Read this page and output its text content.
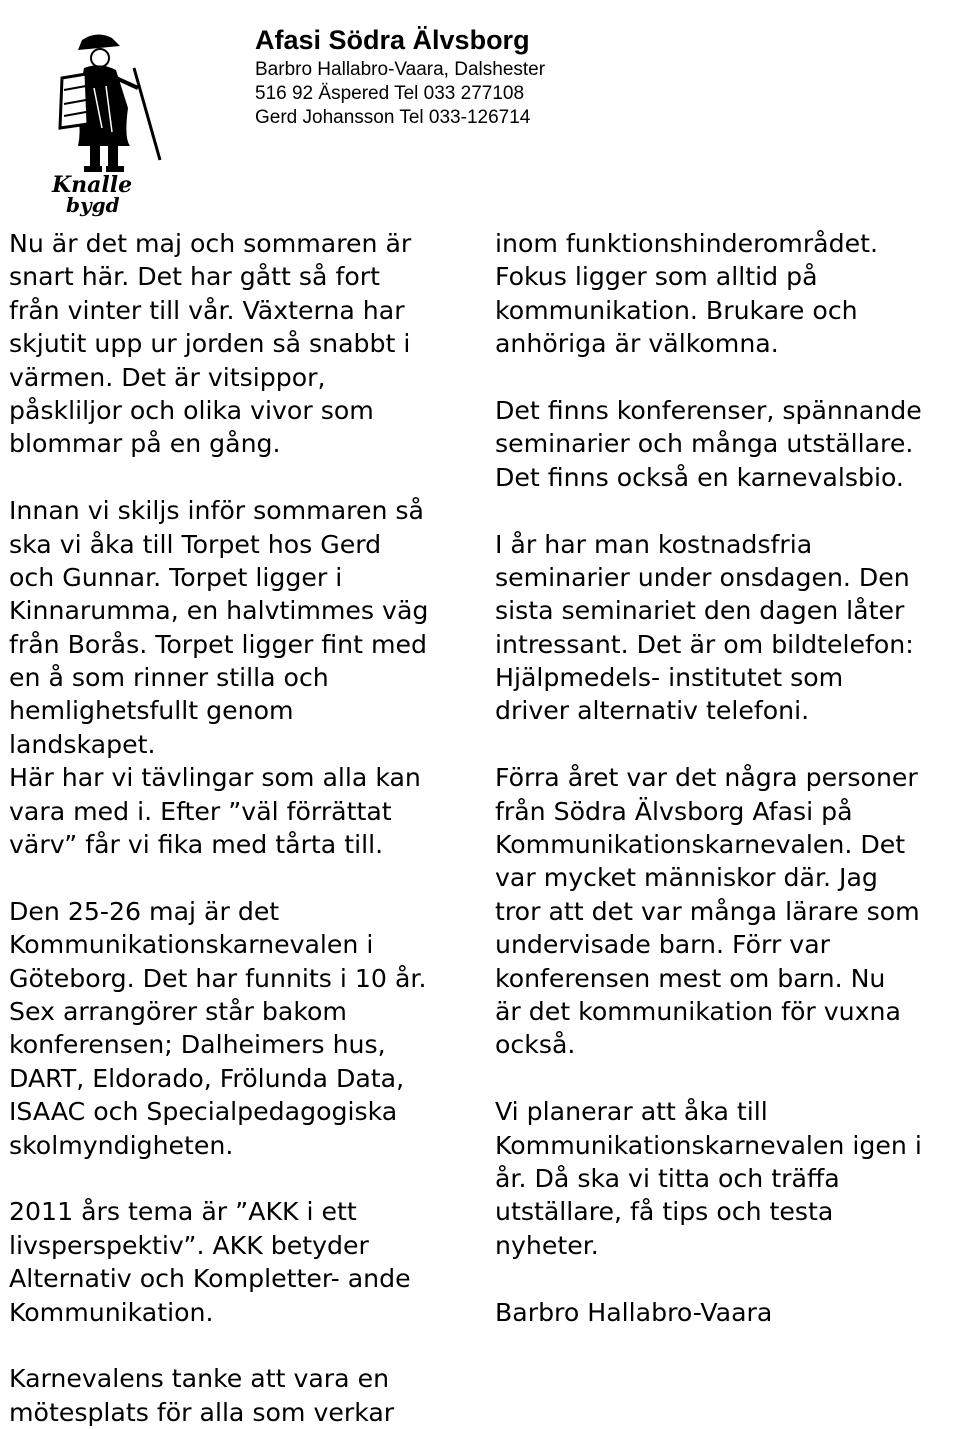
Knalle
bygd
Afasi Södra Älvsborg
Barbro Hallabro-Vaara, Dalshester
516 92 Äspered Tel 033 277108
Gerd Johansson Tel 033-126714
Nu är det maj och sommaren är
snart här. Det har gått så fort
från vinter till vår. Växterna har
skjutit upp ur jorden så snabbt i
värmen. Det är vitsippor,
påskliljor och olika vivor som
blommar på en gång.
Innan vi skiljs inför sommaren så
ska vi åka till Torpet hos Gerd
och Gunnar. Torpet ligger i
Kinnarumma, en halvtimmes väg
från Borås. Torpet ligger fint med
en å som rinner stilla och
hemlighetsfullt genom
landskapet.
Här har vi tävlingar som alla kan
vara med i. Efter ”väl förrättat
värv” får vi fika med tårta till.
Den 25-26 maj är det
Kommunikationskarnevalen i
Göteborg. Det har funnits i 10 år.
Sex arrangörer står bakom
konferensen; Dalheimers hus,
DART, Eldorado, Frölunda Data,
ISAAC och Specialpedagogiska
skolmyndigheten.
2011 års tema är ”AKK i ett
livsperspektiv”. AKK betyder
Alternativ och Kompletter- ande
Kommunikation.
Karnevalens tanke att vara en
mötesplats för alla som verkar
inom funktionshinderområdet.
Fokus ligger som alltid på
kommunikation. Brukare och
anhöriga är välkomna.
Det finns konferenser, spännande
seminarier och många utställare.
Det finns också en karnevalsbio.
I år har man kostnadsfria
seminarier under onsdagen. Den
sista seminariet den dagen låter
intressant. Det är om bildtelefon:
Hjälpmedels- institutet som
driver alternativ telefoni.
Förra året var det några personer
från Södra Älvsborg Afasi på
Kommunikationskarnevalen. Det
var mycket människor där. Jag
tror att det var många lärare som
undervisade barn. Förr var
konferensen mest om barn. Nu
är det kommunikation för vuxna
också.
Vi planerar att åka till
Kommunikationskarnevalen igen i
år. Då ska vi titta och träffa
utställare, få tips och testa
nyheter.
Barbro Hallabro-Vaara
